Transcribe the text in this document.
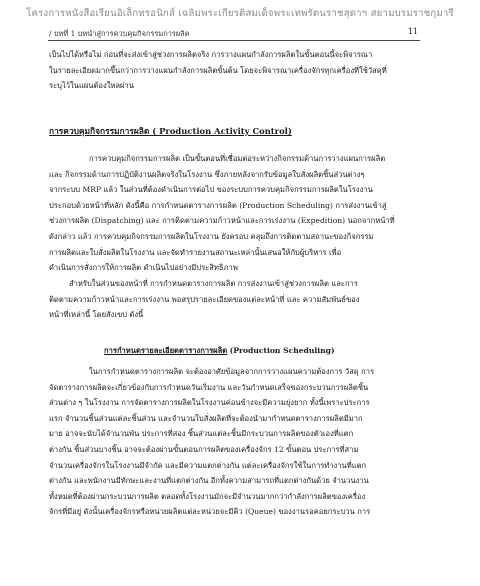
โครงการหนังสือเรียนอิเล็กทรอนิกส์ เฉลิมพระเกียรติสมเด็จพระเทพรัตนราชสุดาฯ สยามบรมราชกุมารี
/ บทที่ 1 บทนำสู่การควบคุมกิจกรรมการผลิต	11
เป็นไปได้หรือไม่ ก่อนที่จะส่งเข้าสู่ช่วงการผลิตจริง การวางแผนกำลังการผลิตในขั้นตอนนี้จะพิจารณา
ในรายละเอียดมากขึ้นกว่าการวางแผนกำลังการผลิตขั้นต้น โดยจะพิจารณาเครื่องจักรทุกเครื่องที่ใช้วัสดุที่
ระบุไว้ในแผนต้องใหลผ่าน
การควบคุมกิจกรรมการผลิต ( Production Activity Control)
การควบคุมกิจกรรมการผลิต เป็นขั้นตอนที่เชื่อมต่อระหว่างกิจกรรมด้านการวางแผนการผลิต
และ กิจกรรมด้านการปฏิบัติงานผลิตจริงในโรงงาน ซึ่งภายหลังจากรับข้อมูลใบสั่งผลิตชิ้นส่วนต่างๆ
จากระบบ MRP แล้ว ในส่วนที่ต้องดำเนินการต่อไป ของระบบการควบคุมกิจกรรมการผลิตในโรงงาน
ประกอบด้วยหน้าที่หลัก ดังนี้คือ การกำหนดตารางการผลิต (Production Scheduling) การส่งงานเข้าสู่
ช่วงการผลิต (Dispatching) และ การติดตามความก้าวหน้าและการเร่งงาน (Expedition) นอกจากหน้าที่
ดังกล่าว แล้ว การควบคุมกิจกรรมการผลิตในโรงงาน ยังครอบ คลุมถึงการติดตามสถานะของกิจกรรม
การผลิตและใบสั่งผลิตในโรงงาน และจัดทำรายงานสถานะเหล่านั้นเสนอให้กับผู้บริหาร เพื่อ
ดำเนินการสั่งการให้การผลิต ดำเนินไปอย่างมีประสิทธิภาพ
สำหรับในส่วนของหน้าที่ การกำหนดตารางการผลิต การส่งงานเข้าสู่ช่วงการผลิต และการ
ติดตามความก้าวหน้าและการเร่งงาน พอสรุปรายละเอียดของแต่ละหน้าที่ และ ความสัมพันธ์ของ
หน้าที่เหล่านี้ โดยสังเขป ดังนี้
การกำหนดรายละเอียดตารางการผลิต (Production Scheduling)
ในการกำหนดตารางการผลิต จะต้องอาศัยข้อมูลจากการวางแผนความต้องการ วัสดุ การ
จัดตารางการผลิตจะเกี่ยวข้องกับการกำหนดวันเริ่มงาน และวันกำหนดเสร็จของกระบวนการผลิตชิ้น
ส่วนต่าง ๆ ในโรงงาน การจัดตารางการผลิตในโรงงานค่อนข้างจะมีความยุ่งยาก ทั้งนี้เพราะประการ
แรก จำนวนชิ้นส่วนแต่ละชิ้นส่วน และจำนวนใบสั่งผลิตที่จะต้องนำมากำหนดตารางการผลิตมีมาก
มาย อาจจะนับได้จำนวนพัน ประการที่สอง ชิ้นส่วนแต่ละชิ้นมีกระบวนการผลิตของตัวเองที่แตก
ต่างกัน ชิ้นส่วนบางชิ้น อาจจะต้องผ่านขั้นตอนการผลิตของเครื่องจักร 12 ขั้นตอน ประการที่สาม
จำนวนเครื่องจักรในโรงงานมีจำกัด และมีความแตกต่างกัน แต่ละเครื่องจักรใช้ในการทำงานที่แตก
ต่างกัน และพนักงานมีทักษะและงานที่แตกต่างกัน อีกทั้งความสามารถที่แตกต่างกันด้วย จำนวนงาน
ทั้งหมดที่ต้องผ่านกระบวนการผลิต ตลอดทั้งโรงงานมักจะมีจำนวนมากกว่ากำลังการผลิตของเครื่อง
จักรที่มีอยู่ ดังนั้นเครื่องจักรหรือหน่วยผลิตแต่ละหน่วยจะมีคิว (Queue) ของงานรอคอยกระบวน การ
